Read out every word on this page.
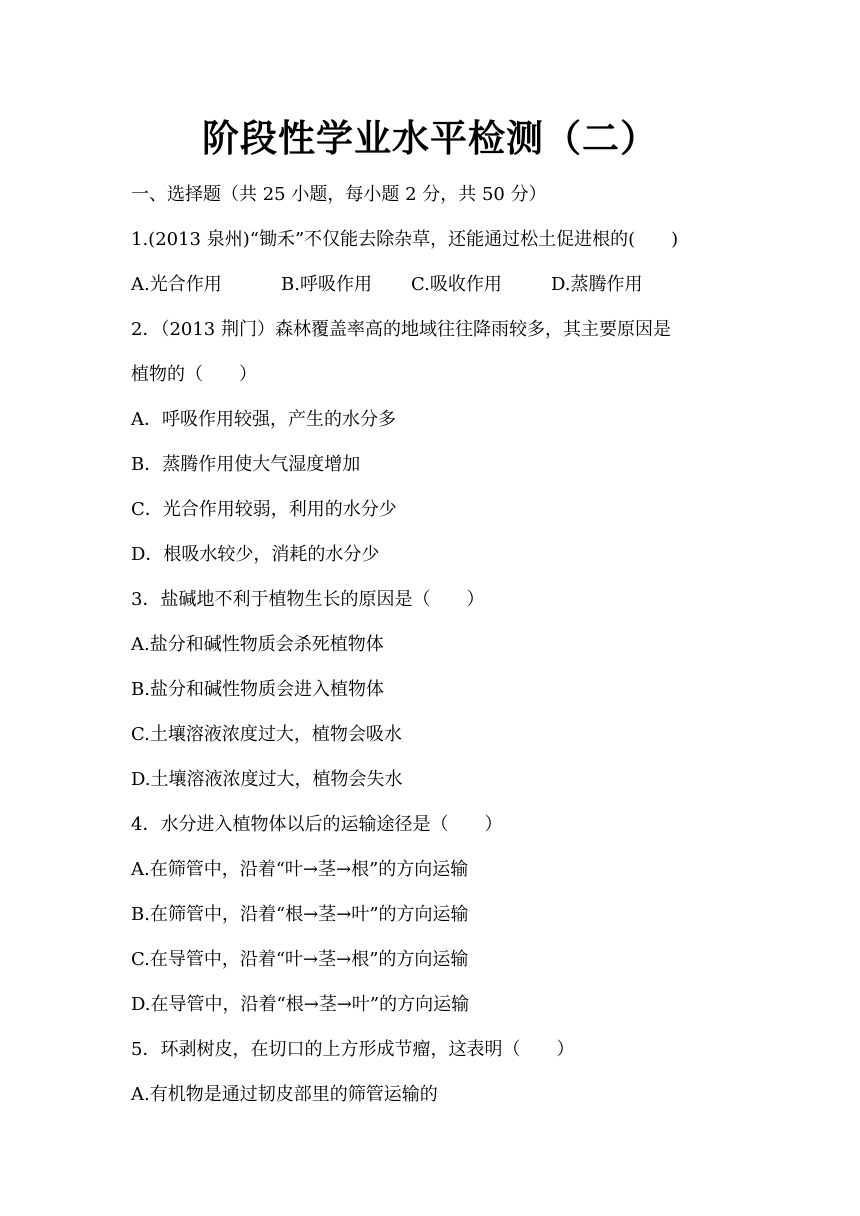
阶段性学业水平检测（二）
一、选择题（共 25 小题，每小题 2 分，共 50 分）
1.(2013 泉州)“锄禾”不仅能去除杂草，还能通过松土促进根的(　　)
A.光合作用	B.呼吸作用 C.吸收作用	D.蒸腾作用
2．（2013 荆门）森林覆盖率高的地域往往降雨较多，其主要原因是
植物的（　　）
A．呼吸作用较强，产生的水分多
B．蒸腾作用使大气湿度增加
C．光合作用较弱，利用的水分少
D．根吸水较少，消耗的水分少
3．盐碱地不利于植物生长的原因是（　　）
A.盐分和碱性物质会杀死植物体
B.盐分和碱性物质会进入植物体
C.土壤溶液浓度过大，植物会吸水
D.土壤溶液浓度过大，植物会失水
4．水分进入植物体以后的运输途径是（　　）
A.在筛管中，沿着“叶→茎→根”的方向运输
B.在筛管中，沿着“根→茎→叶”的方向运输
C.在导管中，沿着“叶→茎→根”的方向运输
D.在导管中，沿着“根→茎→叶”的方向运输
5．环剥树皮，在切口的上方形成节瘤，这表明（　　）
A.有机物是通过韧皮部里的筛管运输的
